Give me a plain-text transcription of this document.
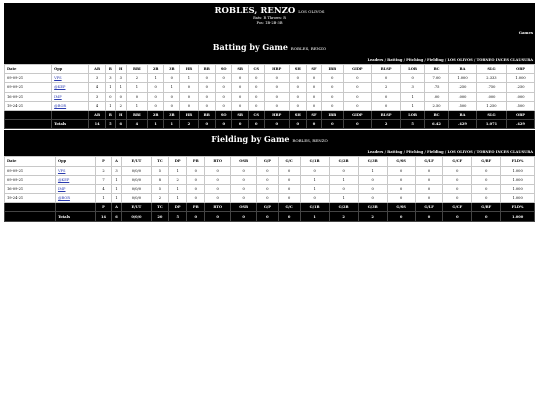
ROBLES, RENZO LOS OLIVOS
Bats: R Throws: R
Pos: 1B-2B-3B
Games
Batting by Game ROBLES, RENZO
Leaders / Batting / Pitching / Fielding / LOS OLIVOS / TORNEO INCES CLAUSURA
Date	Opp	AB	R	H	RBI	2B	3B	HR	BB	SO	SB	CS	HBP	SH	SF	IBB	GIDP	RLSP	LOB	BC	BA	SLG	OBP
09-09-21	VPS	3	3	3	2	1	0	1	0	0	0	0	0	0	0	0	0	0	0	7.00	1.000	2.333	1.000
09-09-21	@KEP	4	1	1	1	0	1	0	0	0	0	0	0	0	0	0	0	2	3	.75	.250	.750	.250
16-09-21	IMP	3	0	0	0	0	0	0	0	0	0	0	0	0	0	0	0	0	1	.00	.000	.000	.000
19-24-21	@BOR	4	1	2	1	0	0	0	0	0	0	0	0	0	0	0	0	0	1	2.50	.500	1.250	.500
		AB	R	H	RBI	2B	3B	HR	BB	SO	SB	CS	HBP	SH	SF	IBB	GIDP	RLSP	LOB	BC	BA	SLG	OBP
	Totals	14	5	6	4	1	1	2	0	0	0	0	0	0	0	0	0	2	5	6.42	.429	1.071	.429
Fielding by Game ROBLES, RENZO
Leaders / Batting / Pitching / Fielding / LOS OLIVOS / TORNEO INCES CLAUSURA
Date	Opp	P	A	E/UT	TC	DP	PB	RTO	OSB	G/P	G/C	G/1B	G/2B	G/3B	G/SS	G/LF	G/CF	G/RF	FLD%
09-09-21	VPS	2	3	0/0/0	5	1	0	0	0	0	0	0	0	1	0	0	0	0	1.000
09-09-21	@KEP	7	1	0/0/0	8	2	0	0	0	0	0	1	1	0	0	0	0	0	1.000
16-09-21	IMP	4	1	0/0/0	5	1	0	0	0	0	0	1	0	0	0	0	0	0	1.000
19-24-21	@BOR	1	1	0/0/0	2	1	0	0	0	0	0	0	1	0	0	0	0	0	1.000
		P	A	E/UT	TC	DP	PB	RTO	OSB	G/P	G/C	G/1B	G/2B	G/3B	G/SS	G/LF	G/CF	G/RF	FLD%
	Totals	14	6	0/0/0	20	5	0	0	0	0	0	1	2	2	0	0	0	0	1.000
